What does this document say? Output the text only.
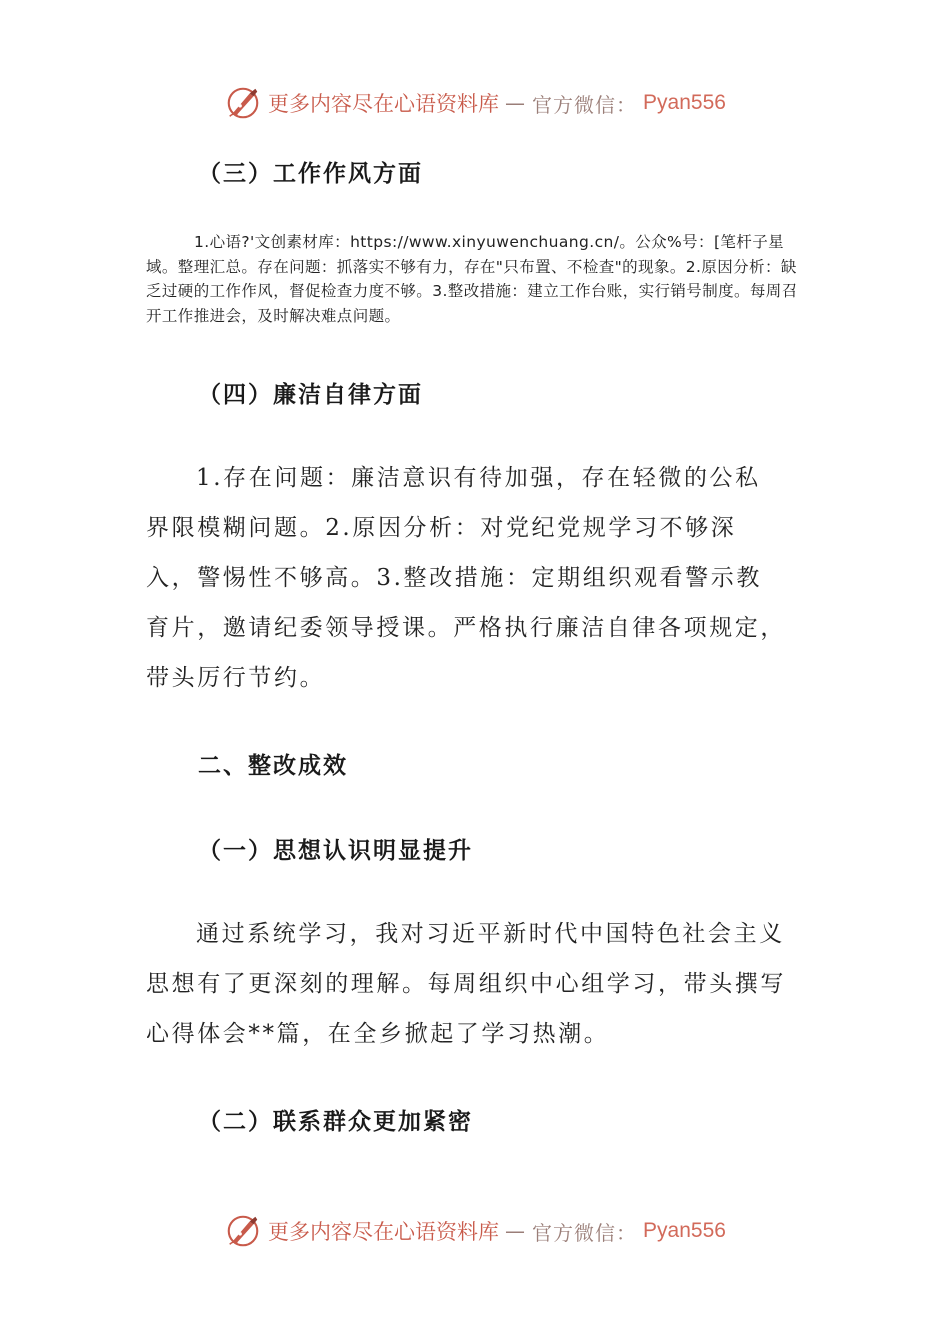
更多内容尽在心语资料库 — 官方微信： Pyan556
（三）工作作风方面
1.心语?'文创素材库：https://www.xinyuwenchuang.cn/。公众%号：[笔杆子星域。整理汇总。存在问题：抓落实不够有力，存在"只布置、不检查"的现象。2.原因分析：缺乏过硬的工作作风，督促检查力度不够。3.整改措施：建立工作台账，实行销号制度。每周召开工作推进会，及时解决难点问题。
（四）廉洁自律方面
1.存在问题：廉洁意识有待加强，存在轻微的公私界限模糊问题。2.原因分析：对党纪党规学习不够深入，警惕性不够高。3.整改措施：定期组织观看警示教育片，邀请纪委领导授课。严格执行廉洁自律各项规定，带头厉行节约。
二、整改成效
（一）思想认识明显提升
通过系统学习，我对习近平新时代中国特色社会主义思想有了更深刻的理解。每周组织中心组学习，带头撰写心得体会**篇，在全乡掀起了学习热潮。
（二）联系群众更加紧密
更多内容尽在心语资料库 — 官方微信： Pyan556
